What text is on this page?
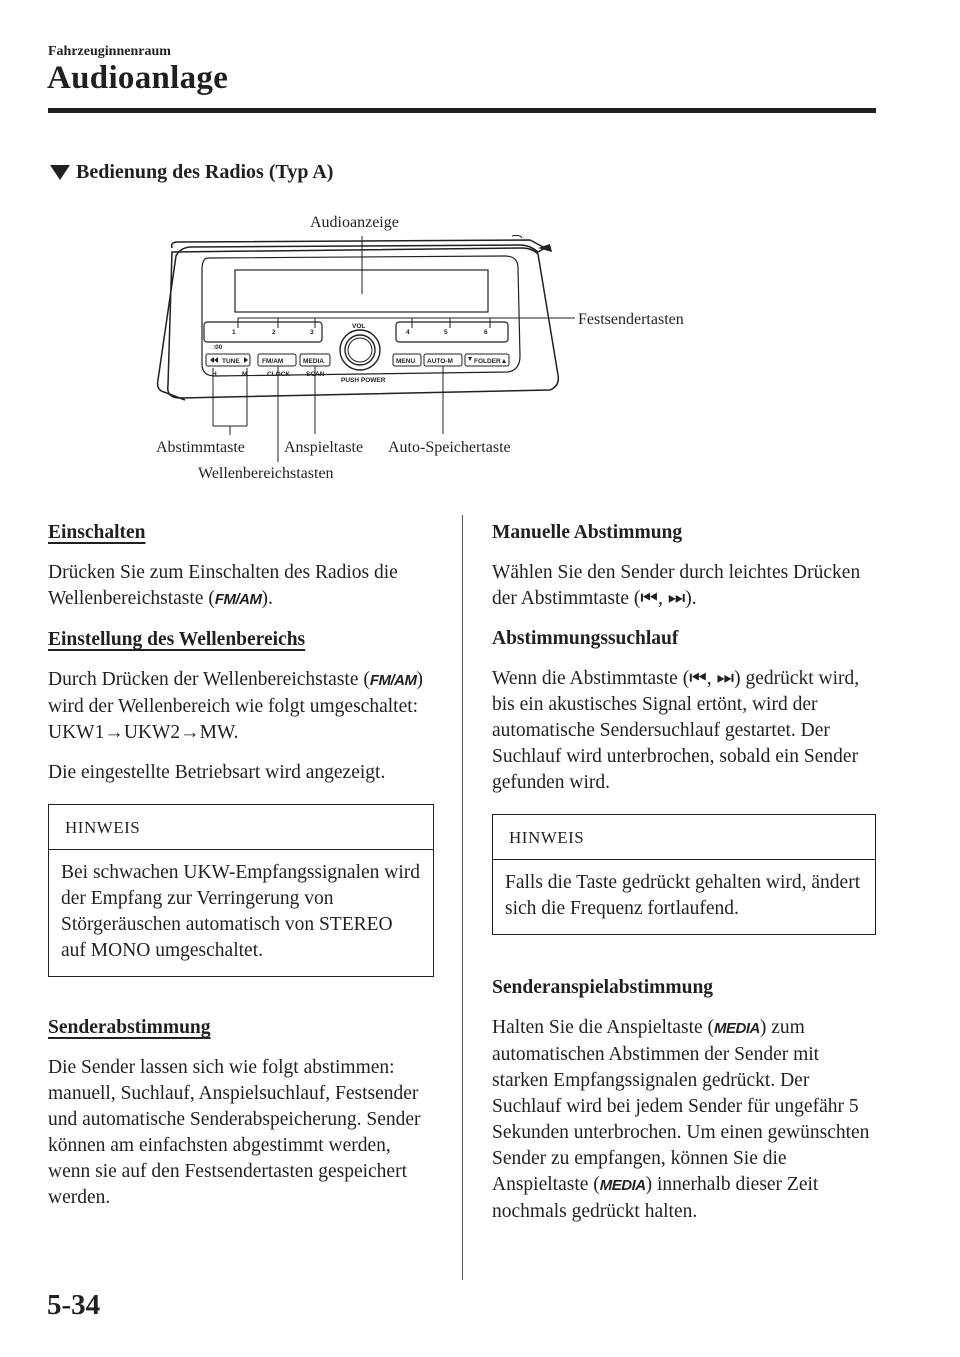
Fahrzeuginnenraum
Audioanlage
Bedienung des Radios (Typ A)
1	2	3	4	5	6
:00
VOL
TUNE	FM/AM	MEDIA	MENU AUTO-M	FOLDER
H	M	CLOCK SCAN
PUSH POWER
Audioanzeige
Festsendertasten
Abstimmtaste Anspieltaste Auto-Speichertaste
Wellenbereichstasten
Einschalten

Drücken Sie zum Einschalten des Radios die Wellenbereichstaste (FM/AM).

Einstellung des Wellenbereichs

Durch Drücken der Wellenbereichstaste (FM/AM) wird der Wellenbereich wie folgt umgeschaltet: UKW1→UKW2→MW.

Die eingestellte Betriebsart wird angezeigt.

HINWEIS
Bei schwachen UKW-Empfangssignalen wird der Empfang zur Verringerung von Störgeräuschen automatisch von STEREO auf MONO umgeschaltet.
Senderabstimmung

Die Sender lassen sich wie folgt abstimmen: manuell, Suchlauf, Anspielsuchlauf, Festsender und automatische Senderabspeicherung. Sender können am einfachsten abgestimmt werden, wenn sie auf den Festsendertasten gespeichert werden.

Manuelle Abstimmung

Wählen Sie den Sender durch leichtes Drücken der Abstimmtaste (⏮, ⏭).

Abstimmungssuchlauf

Wenn die Abstimmtaste (⏮, ⏭) gedrückt wird, bis ein akustisches Signal ertönt, wird der automatische Sendersuchlauf gestartet. Der Suchlauf wird unterbrochen, sobald ein Sender gefunden wird.

HINWEIS
Falls die Taste gedrückt gehalten wird, ändert sich die Frequenz fortlaufend.
Senderanspielabstimmung

Halten Sie die Anspieltaste (MEDIA) zum automatischen Abstimmen der Sender mit starken Empfangssignalen gedrückt. Der Suchlauf wird bei jedem Sender für ungefähr 5 Sekunden unterbrochen. Um einen gewünschten Sender zu empfangen, können Sie die Anspieltaste (MEDIA) innerhalb dieser Zeit nochmals gedrückt halten.

5-34
